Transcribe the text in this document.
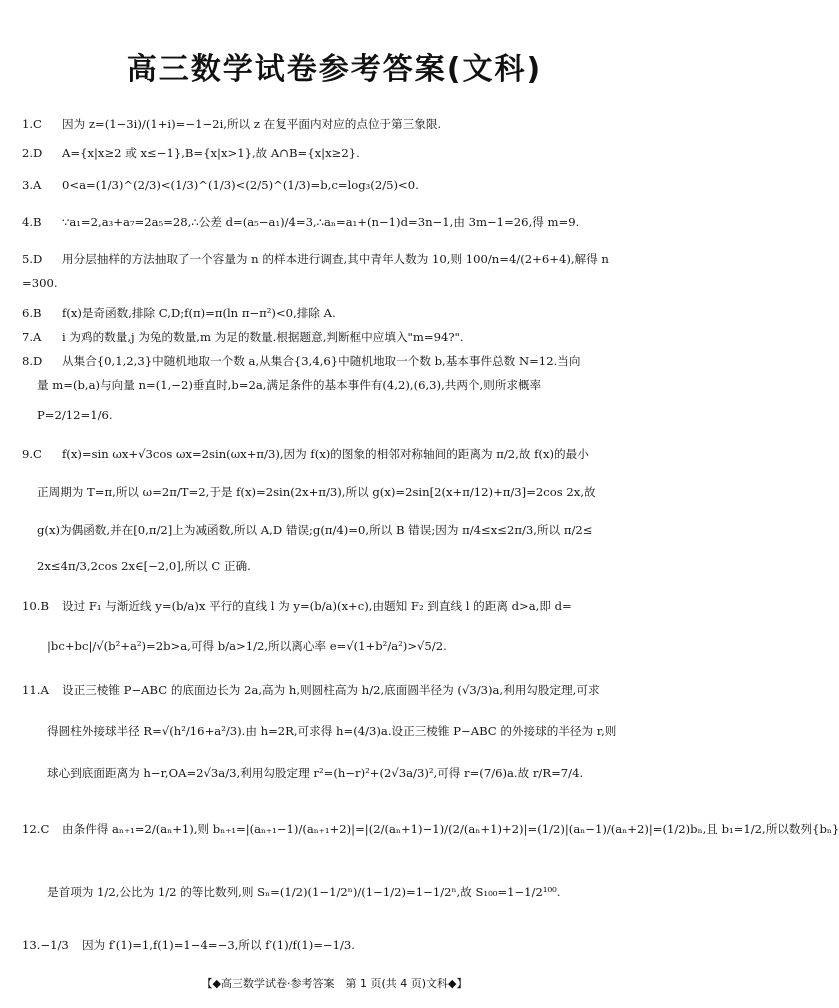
高三数学试卷参考答案(文科)
1.C 因为 z=(1−3i)/(1+i)=−1−2i,所以 z 在复平面内对应的点位于第三象限.
2.D A={x|x≥2 或 x≤−1},B={x|x>1},故 A∩B={x|x≥2}.
3.A 0<a=(1/3)^(2/3)<(1/3)^(1/3)<(2/5)^(1/3)=b,c=log₃(2/5)<0.
4.B ∵a₁=2,a₃+a₇=2a₅=28,∴公差 d=(a₅−a₁)/4=3,∴aₙ=a₁+(n−1)d=3n−1,由 3m−1=26,得 m=9.
5.D 用分层抽样的方法抽取了一个容量为 n 的样本进行调查,其中青年人数为 10,则 100/n=4/(2+6+4),解得 n
=300.
6.B f(x)是奇函数,排除 C,D;f(π)=π(ln π−π²)<0,排除 A.
7.A i 为鸡的数量,j 为兔的数量,m 为足的数量.根据题意,判断框中应填入"m=94?".
8.D 从集合{0,1,2,3}中随机地取一个数 a,从集合{3,4,6}中随机地取一个数 b,基本事件总数 N=12.当向
量 m=(b,a)与向量 n=(1,−2)垂直时,b=2a,满足条件的基本事件有(4,2),(6,3),共两个,则所求概率
P=2/12=1/6.
9.C f(x)=sin ωx+√3cos ωx=2sin(ωx+π/3),因为 f(x)的图象的相邻对称轴间的距离为 π/2,故 f(x)的最小
正周期为 T=π,所以 ω=2π/T=2,于是 f(x)=2sin(2x+π/3),所以 g(x)=2sin[2(x+π/12)+π/3]=2cos 2x,故
g(x)为偶函数,并在[0,π/2]上为减函数,所以 A,D 错误;g(π/4)=0,所以 B 错误;因为 π/4≤x≤2π/3,所以 π/2≤
2x≤4π/3,2cos 2x∈[−2,0],所以 C 正确.
10.B 设过 F₁ 与渐近线 y=(b/a)x 平行的直线 l 为 y=(b/a)(x+c),由题知 F₂ 到直线 l 的距离 d>a,即 d=
|bc+bc|/√(b²+a²)=2b>a,可得 b/a>1/2,所以离心率 e=√(1+b²/a²)>√5/2.
11.A 设正三棱锥 P−ABC 的底面边长为 2a,高为 h,则圆柱高为 h/2,底面圆半径为 (√3/3)a,利用勾股定理,可求
得圆柱外接球半径 R=√(h²/16+a²/3).由 h=2R,可求得 h=(4/3)a.设正三棱锥 P−ABC 的外接球的半径为 r,则
球心到底面距离为 h−r,OA=2√3a/3,利用勾股定理 r²=(h−r)²+(2√3a/3)²,可得 r=(7/6)a.故 r/R=7/4.
12.C 由条件得 aₙ₊₁=2/(aₙ+1),则 bₙ₊₁=|(aₙ₊₁−1)/(aₙ₊₁+2)|=|(2/(aₙ+1)−1)/(2/(aₙ+1)+2)|=(1/2)|(aₙ−1)/(aₙ+2)|=(1/2)bₙ,且 b₁=1/2,所以数列{bₙ}
是首项为 1/2,公比为 1/2 的等比数列,则 Sₙ=(1/2)(1−1/2ⁿ)/(1−1/2)=1−1/2ⁿ,故 S₁₀₀=1−1/2¹⁰⁰.
13.−1/3 因为 f′(1)=1,f(1)=1−4=−3,所以 f′(1)/f(1)=−1/3.
【◆高三数学试卷·参考答案　第 1 页(共 4 页)文科◆】
